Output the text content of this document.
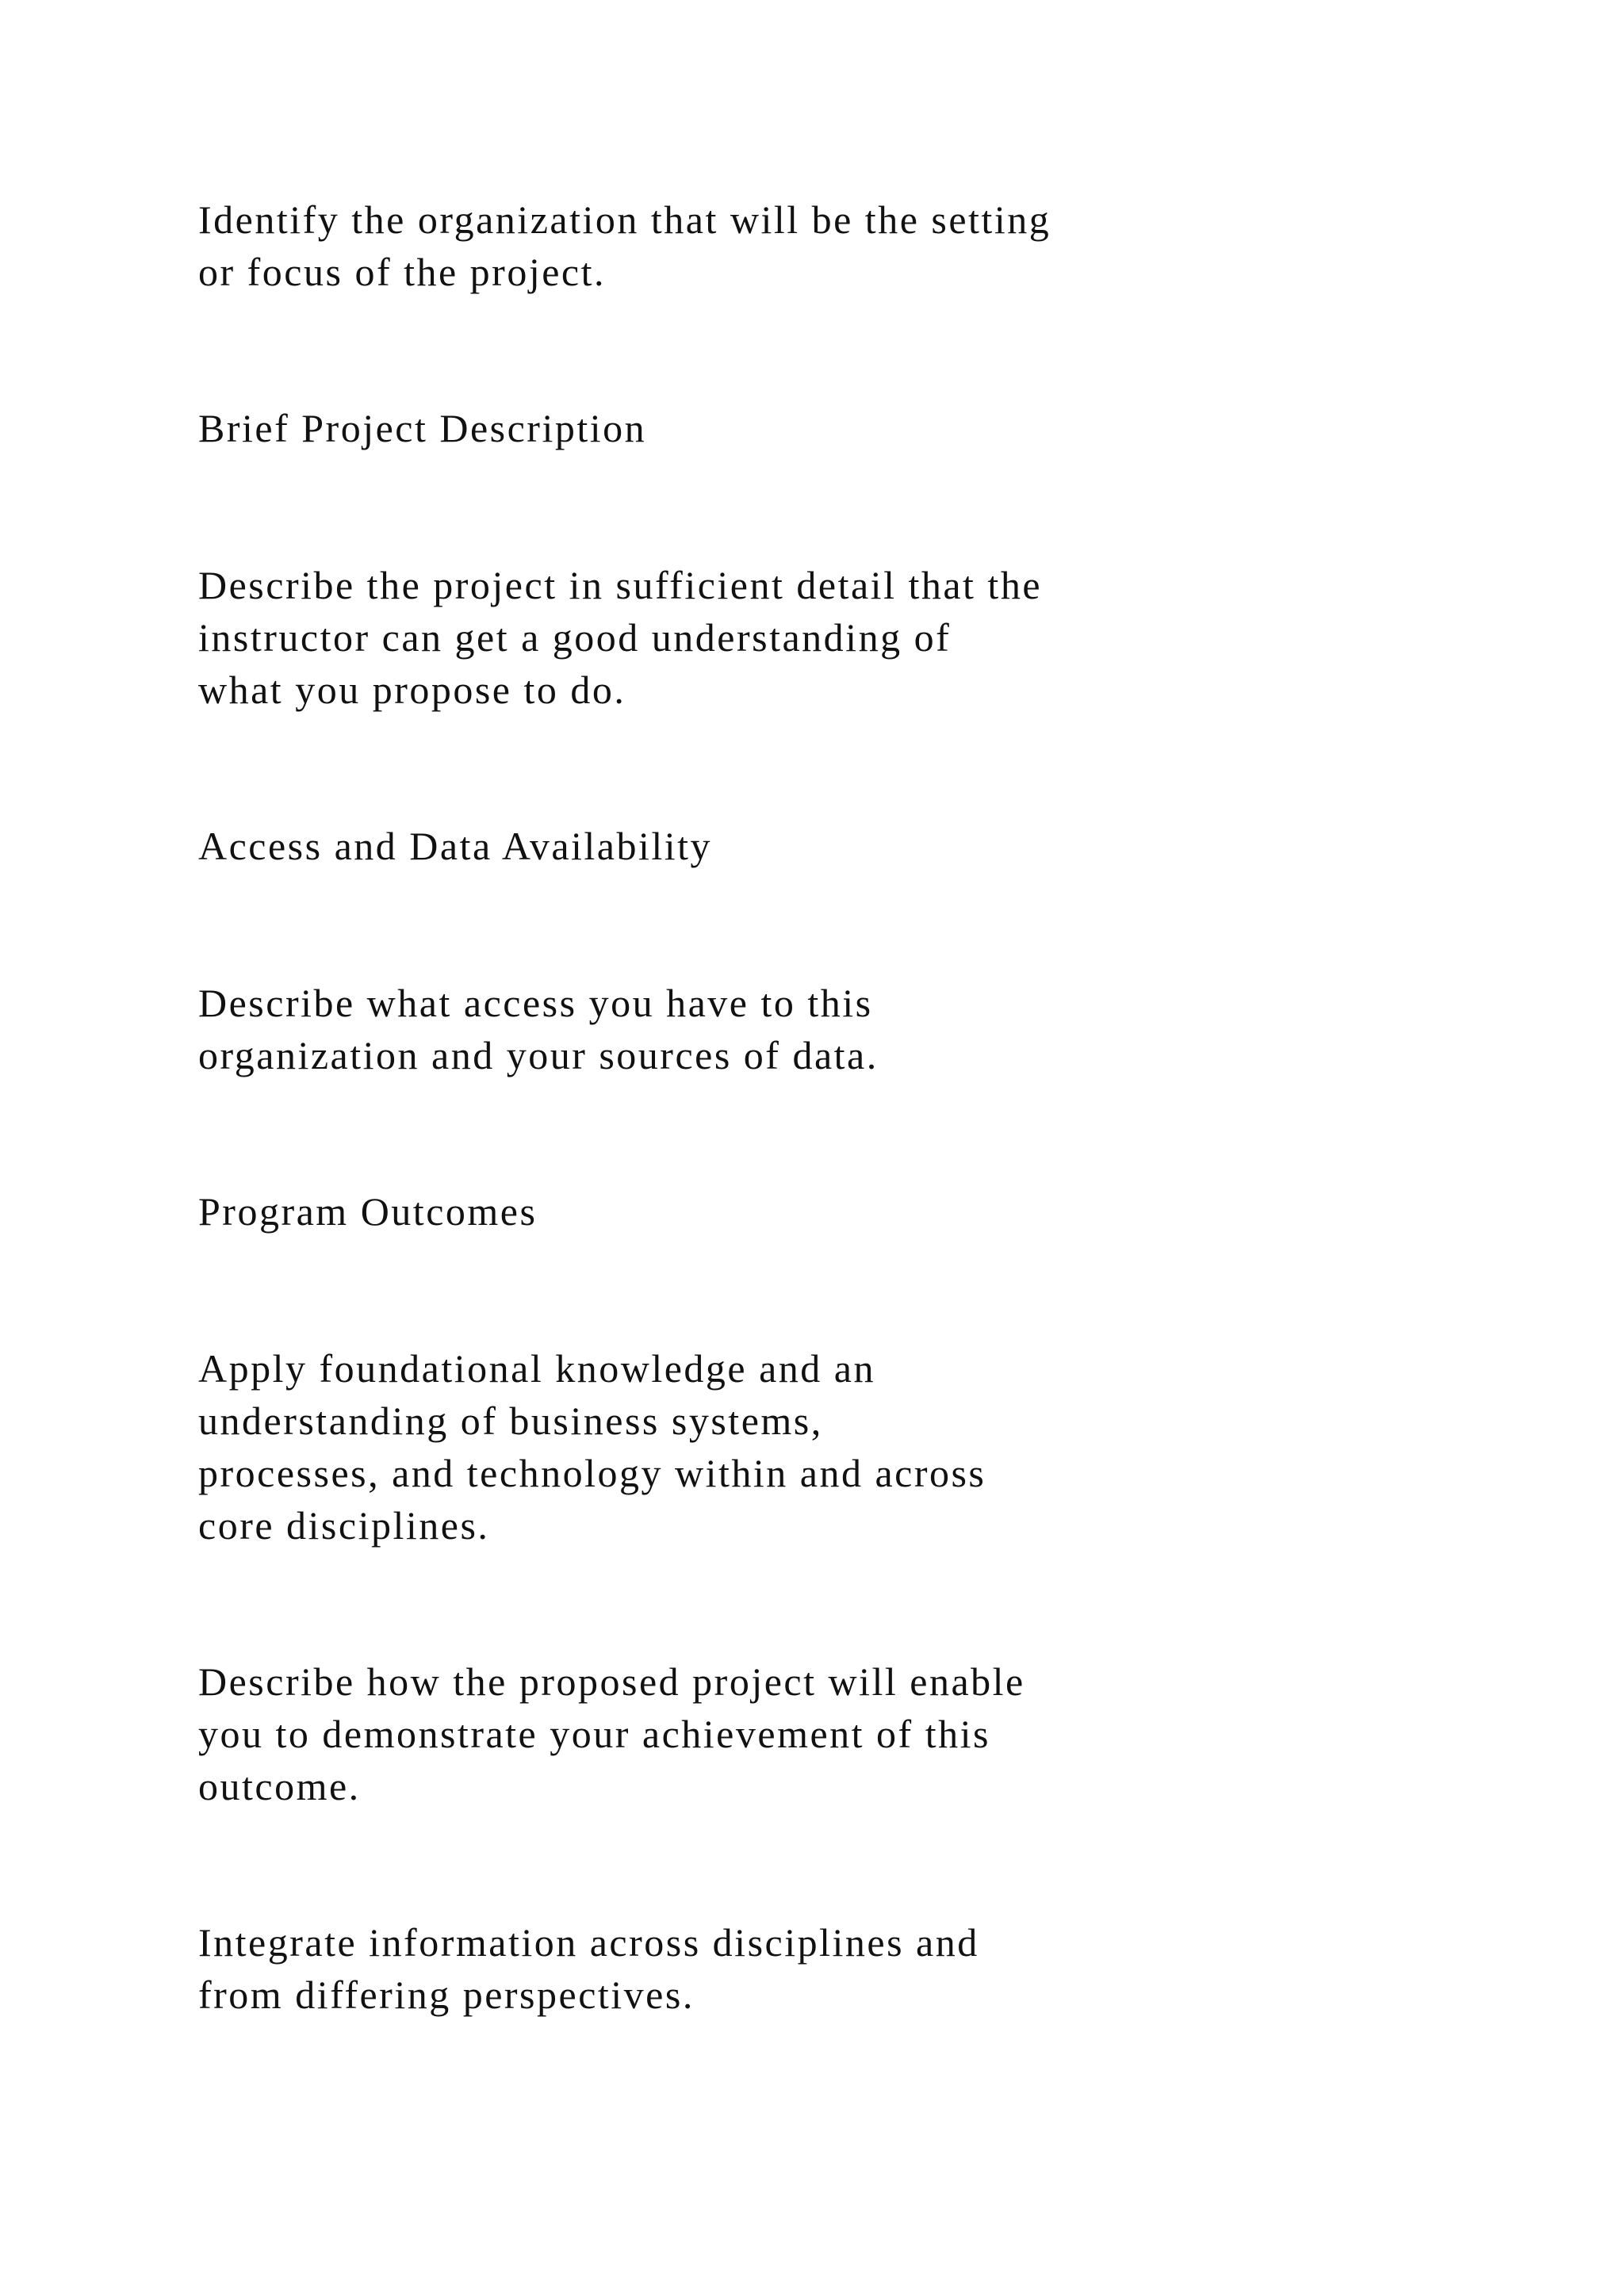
Identify the organization that will be the setting

or focus of the project.

Brief Project Description

Describe the project in sufficient detail that the

instructor can get a good understanding of

what you propose to do.

Access and Data Availability

Describe what access you have to this

organization and your sources of data.

Program Outcomes

Apply foundational knowledge and an

understanding of business systems,

processes, and technology within and across

core disciplines.

Describe how the proposed project will enable

you to demonstrate your achievement of this

outcome.

Integrate information across disciplines and

from differing perspectives.
